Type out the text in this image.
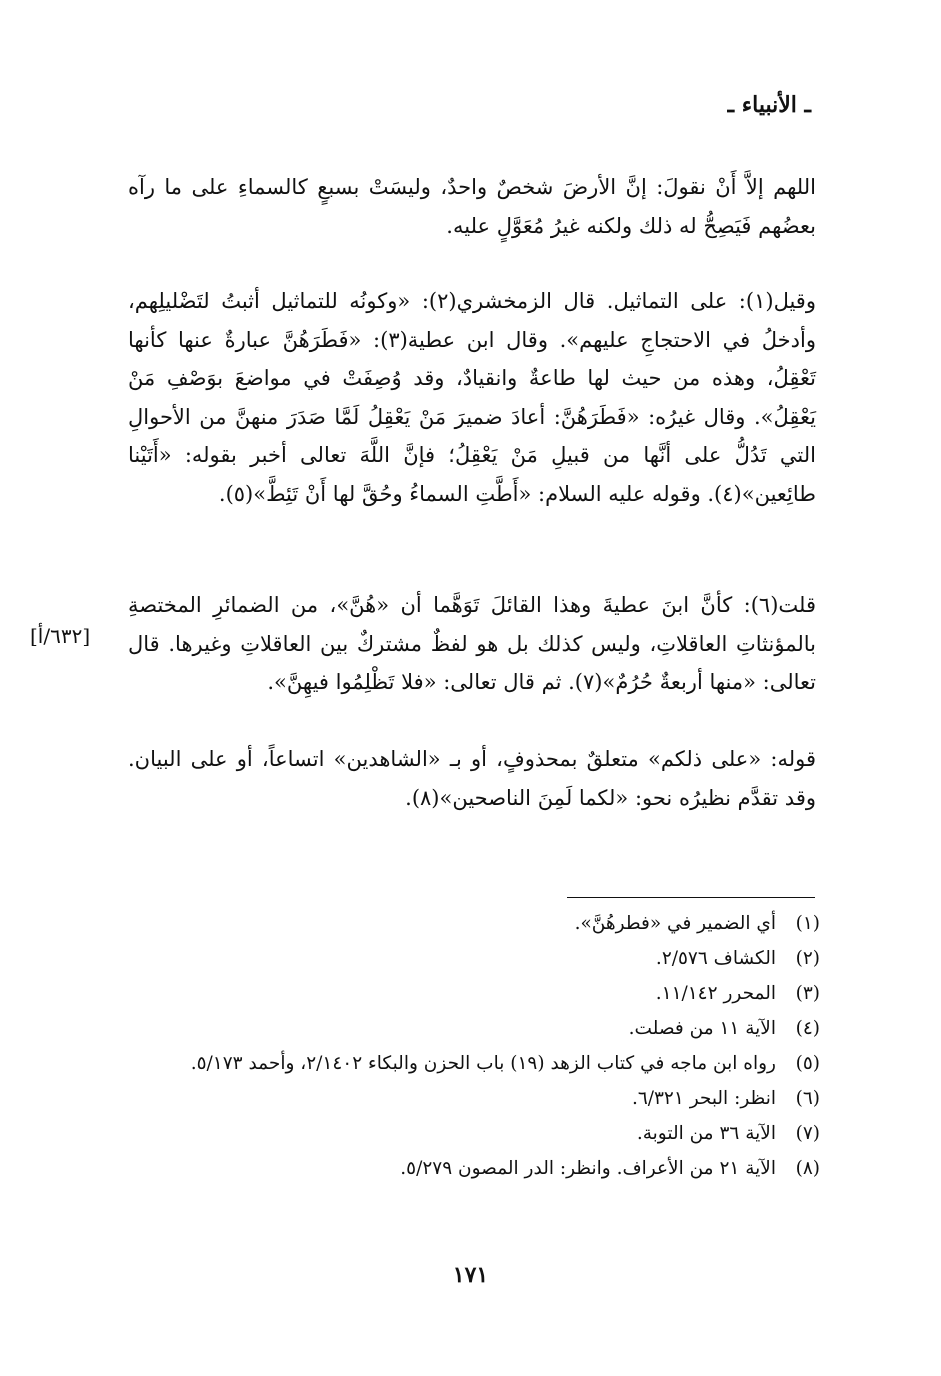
ـ الأنبياء ـ

اللهم إلاَّ أَنْ نقولَ: إنَّ الأرضَ شخصٌ واحدٌ، وليسَتْ بسبعٍ كالسماءِ على ما رآه بعضُهم فَيَصِحُّ له ذلك ولكنه غيرُ مُعَوَّلٍ عليه.

وقيل(١): على التماثيل. قال الزمخشري(٢): «وكونُه للتماثيل أثبتُ لتَضْليلِهم، وأدخلُ في الاحتجاجِ عليهم». وقال ابن عطية(٣): «فَطَرَهُنَّ عبارةٌ عنها كأنها تَعْقِلُ، وهذه من حيث لها طاعةٌ وانقيادٌ، وقد وُصِفَتْ في مواضعَ بوَصْفِ مَنْ يَعْقِلُ». وقال غيرُه: «فَطَرَهُنَّ: أعادَ ضميرَ مَنْ يَعْقِلُ لَمَّا صَدَرَ منهنَّ من الأحوالِ التي تَدُلُّ على أنَّها من قبيلِ مَنْ يَعْقِلُ؛ فإنَّ اللَّهَ تعالى أخبر بقوله: «أَتَيْنا طائِعين»(٤). وقوله عليه السلام: «أَطَّتِ السماءُ وحُقَّ لها أَنْ تَئِطَّ»(٥).

قلت(٦): كأنَّ ابنَ عطيةَ وهذا القائلَ تَوَهَّما أن «هُنَّ»، من الضمائرِ المختصةِ بالمؤنثاتِ العاقلاتِ، وليس كذلك بل هو لفظٌ مشتركٌ بين العاقلاتِ وغيرها. قال تعالى: «منها أربعةٌ حُرُمٌ»(٧). ثم قال تعالى: «فلا تَظْلِمُوا فيهِنَّ».

قوله: «على ذلكم» متعلقٌ بمحذوفٍ، أو بـ «الشاهدين» اتساعاً، أو على البيان. وقد تقدَّم نظيرُه نحو: «لكما لَمِنَ الناصحين»(٨).

[٦٣٢/أ]
(١)
أي الضمير في «فطرهُنَّ».
(٢)
الكشاف ٢/٥٧٦.
(٣)
المحرر ١١/١٤٢.
(٤)
الآية ١١ من فصلت.
(٥)
رواه ابن ماجه في كتاب الزهد (١٩) باب الحزن والبكاء ٢/١٤٠٢، وأحمد ٥/١٧٣.
(٦)
انظر: البحر ٦/٣٢١.
(٧)
الآية ٣٦ من التوبة.
(٨)
الآية ٢١ من الأعراف. وانظر: الدر المصون ٥/٢٧٩.
١٧١
